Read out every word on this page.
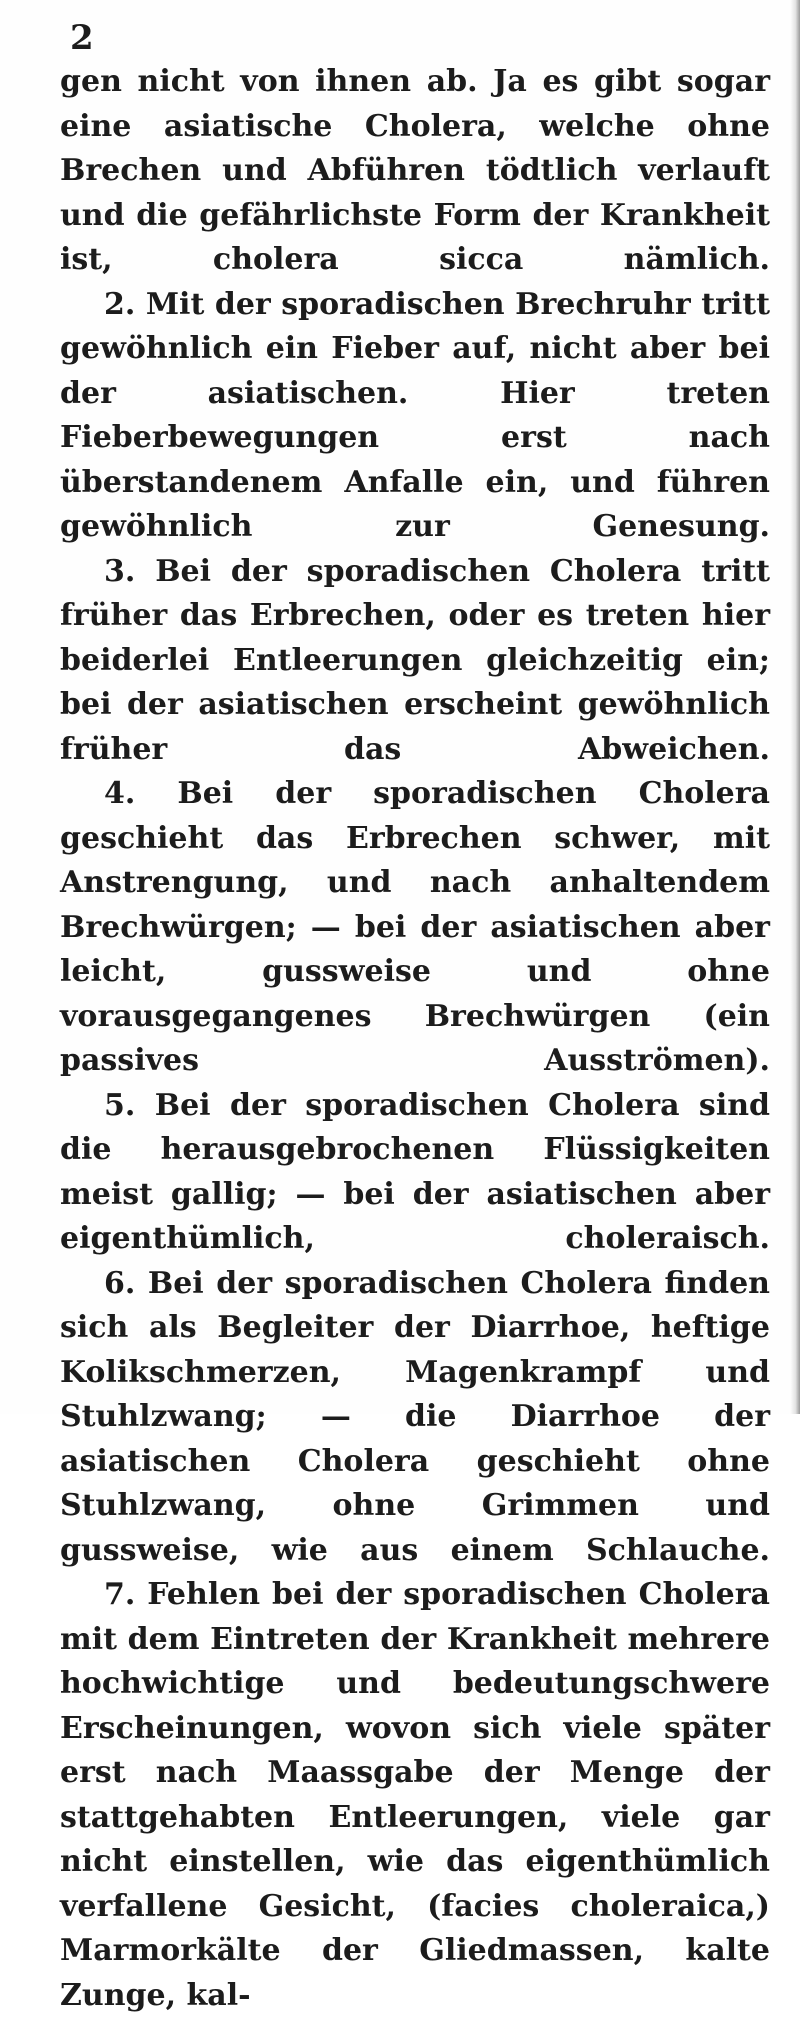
2

gen nicht von ihnen ab. Ja es gibt sogar eine asiatische Cholera, welche ohne Brechen und Abführen tödtlich verlauft und die gefährlichste Form der Krankheit ist, cholera sicca nämlich.

2. Mit der sporadischen Brechruhr tritt gewöhnlich ein Fieber auf, nicht aber bei der asiatischen. Hier treten Fieberbewegungen erst nach überstandenem Anfalle ein, und führen gewöhnlich zur Genesung.

3. Bei der sporadischen Cholera tritt früher das Erbrechen, oder es treten hier beiderlei Entleerungen gleichzeitig ein; bei der asiatischen erscheint gewöhnlich früher das Abweichen.

4. Bei der sporadischen Cholera geschieht das Erbrechen schwer, mit Anstrengung, und nach anhaltendem Brechwürgen; — bei der asiatischen aber leicht, gussweise und ohne vorausgegangenes Brechwürgen (ein passives Ausströmen).

5. Bei der sporadischen Cholera sind die herausgebrochenen Flüssigkeiten meist gallig; — bei der asiatischen aber eigenthümlich, choleraisch.

6. Bei der sporadischen Cholera finden sich als Begleiter der Diarrhoe, heftige Kolikschmerzen, Magenkrampf und Stuhlzwang; — die Diarrhoe der asiatischen Cholera geschieht ohne Stuhlzwang, ohne Grimmen und gussweise, wie aus einem Schlauche.

7. Fehlen bei der sporadischen Cholera mit dem Eintreten der Krankheit mehrere hochwichtige und bedeutungschwere Erscheinungen, wovon sich viele später erst nach Maassgabe der Menge der stattgehabten Entleerungen, viele gar nicht einstellen, wie das eigenthümlich verfallene Gesicht, (facies choleraica,) Marmorkälte der Gliedmassen, kalte Zunge, kal-
